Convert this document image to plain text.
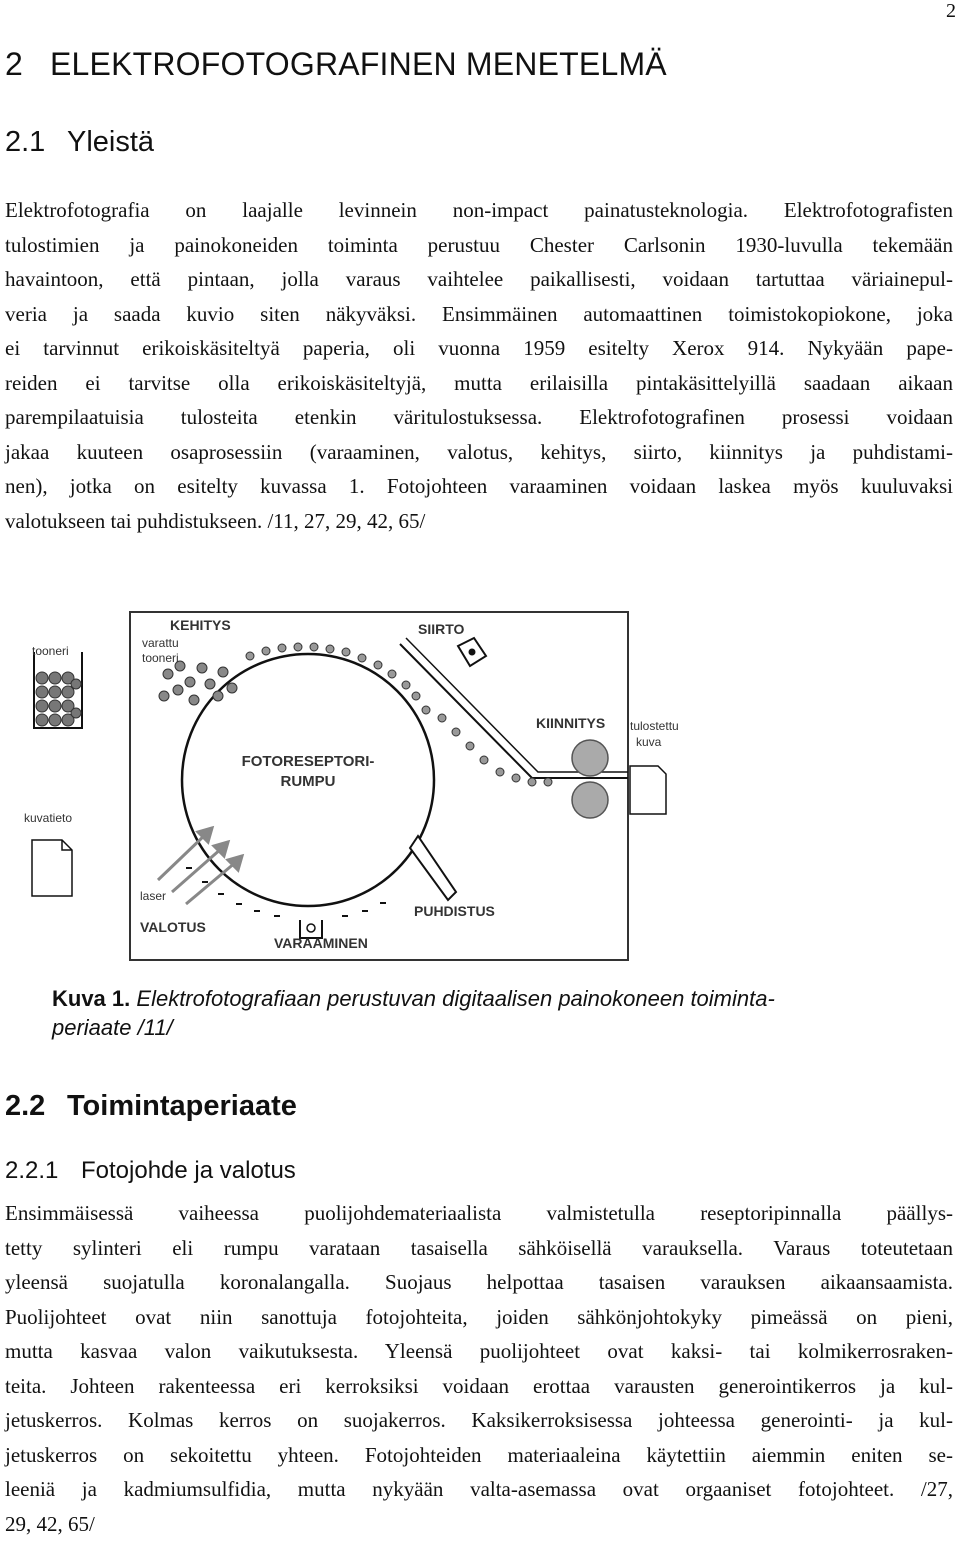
2
2 ELEKTROFOTOGRAFINEN MENETELMÄ
2.1 Yleistä
Elektrofotografia on laajalle levinnein non-impact painatusteknologia. Elektrofotografisten
tulostimien ja painokoneiden toiminta perustuu Chester Carlsonin 1930-luvulla tekemään
havaintoon, että pintaan, jolla varaus vaihtelee paikallisesti, voidaan tartuttaa väriainepul-
veria ja saada kuvio siten näkyväksi. Ensimmäinen automaattinen toimistokopiokone, joka
ei tarvinnut erikoiskäsiteltyä paperia, oli vuonna 1959 esitelty Xerox 914. Nykyään pape-
reiden ei tarvitse olla erikoiskäsiteltyjä, mutta erilaisilla pintakäsittelyillä saadaan aikaan
parempilaatuisia tulosteita etenkin väritulostuksessa. Elektrofotografinen prosessi voidaan
jakaa kuuteen osaprosessiin (varaaminen, valotus, kehitys, siirto, kiinnitys ja puhdistami-
nen), jotka on esitelty kuvassa 1. Fotojohteen varaaminen voidaan laskea myös kuuluvaksi
valotukseen tai puhdistukseen. /11, 27, 29, 42, 65/
FOTORESEPTORI-
RUMPU
tooneri
KEHITYS
varattu
tooneri
SIIRTO
KIINNITYS tulostettu
kuva
kuvatieto
laser
VALOTUS
PUHDISTUS
VARAAMINEN
Kuva 1. Elektrofotografiaan perustuvan digitaalisen painokoneen toiminta-
periaate /11/
2.2 Toimintaperiaate
2.2.1 Fotojohde ja valotus
Ensimmäisessä vaiheessa puolijohdemateriaalista valmistetulla reseptoripinnalla päällys-
tetty sylinteri eli rumpu varataan tasaisella sähköisellä varauksella. Varaus toteutetaan
yleensä suojatulla koronalangalla. Suojaus helpottaa tasaisen varauksen aikaansaamista.
Puolijohteet ovat niin sanottuja fotojohteita, joiden sähkönjohtokyky pimeässä on pieni,
mutta kasvaa valon vaikutuksesta. Yleensä puolijohteet ovat kaksi- tai kolmikerrosraken-
teita. Johteen rakenteessa eri kerroksiksi voidaan erottaa varausten generointikerros ja kul-
jetuskerros. Kolmas kerros on suojakerros. Kaksikerroksisessa johteessa generointi- ja kul-
jetuskerros on sekoitettu yhteen. Fotojohteiden materiaaleina käytettiin aiemmin eniten se-
leeniä ja kadmiumsulfidia, mutta nykyään valta-asemassa ovat orgaaniset fotojohteet. /27,
29, 42, 65/
